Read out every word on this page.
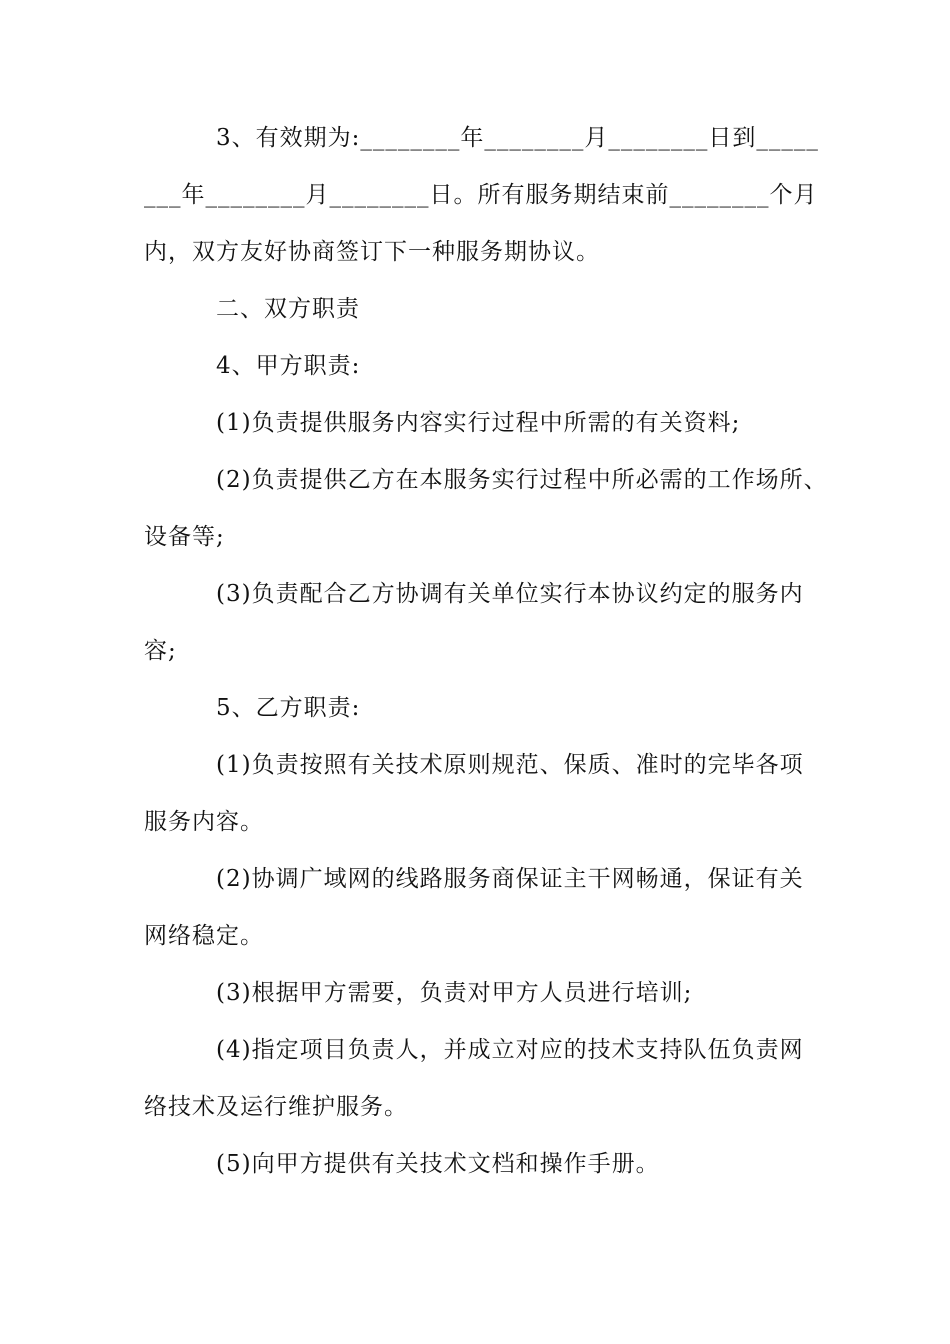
3、有效期为:________年________月________日到_____
___年________月________日。所有服务期结束前________个月
内，双方友好协商签订下一种服务期协议。
二、双方职责
4、甲方职责:
(1)负责提供服务内容实行过程中所需的有关资料;
(2)负责提供乙方在本服务实行过程中所必需的工作场所、
设备等;
(3)负责配合乙方协调有关单位实行本协议约定的服务内
容;
5、乙方职责:
(1)负责按照有关技术原则规范、保质、准时的完毕各项
服务内容。
(2)协调广域网的线路服务商保证主干网畅通，保证有关
网络稳定。
(3)根据甲方需要，负责对甲方人员进行培训;
(4)指定项目负责人，并成立对应的技术支持队伍负责网
络技术及运行维护服务。
(5)向甲方提供有关技术文档和操作手册。
